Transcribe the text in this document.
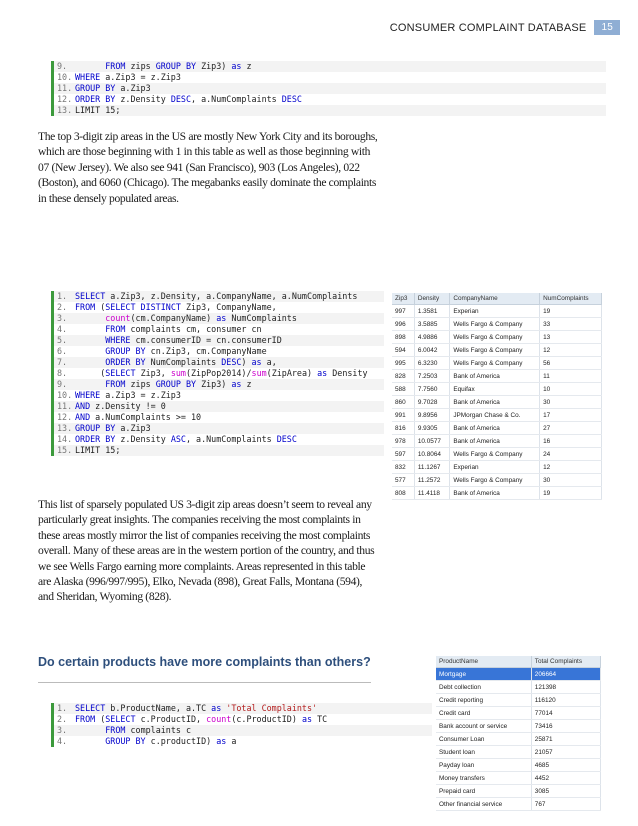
CONSUMER COMPLAINT DATABASE	15
9.	FROM zips GROUP BY Zip3) as z
10. WHERE a.Zip3 = z.Zip3
11. GROUP BY a.Zip3
12. ORDER BY z.Density DESC, a.NumComplaints DESC
13. LIMIT 15;

The top 3-digit zip areas in the US are mostly New York City and its boroughs, which are those beginning with 1 in this table as well as those beginning with 07 (New Jersey). We also see 941 (San Francisco), 903 (Los Angeles), 022 (Boston), and 6060 (Chicago). The megabanks easily dominate the complaints in these densely populated areas.

1. SELECT a.Zip3, z.Density, a.CompanyName, a.NumComplaints
2. FROM (SELECT DISTINCT Zip3, CompanyName,
3.	count(cm.CompanyName) as NumComplaints
4.	FROM complaints cm, consumer cn
5.	WHERE cm.consumerID = cn.consumerID
6.	GROUP BY cn.Zip3, cm.CompanyName
7.	ORDER BY NumComplaints DESC) as a,
8. (SELECT Zip3, sum(ZipPop2014)/sum(ZipArea) as Density
9.	FROM zips GROUP BY Zip3) as z
10. WHERE a.Zip3 = z.Zip3
11. AND z.Density != 0
12. AND a.NumComplaints >= 10
13. GROUP BY a.Zip3
14. ORDER BY z.Density ASC, a.NumComplaints DESC
15. LIMIT 15;
Zip3	Density	CompanyName	NumComplaints
997	1.3581	Experian	19
996	3.5885	Wells Fargo & Company	33
898	4.9886	Wells Fargo & Company	13
594	6.0042	Wells Fargo & Company	12
995	6.3230	Wells Fargo & Company	56
828	7.2503	Bank of America	11
588	7.7560	Equifax	10
860	9.7028	Bank of America	30
991	9.8956	JPMorgan Chase & Co.	17
816	9.9305	Bank of America	27
978	10.0577	Bank of America	16
597	10.8064	Wells Fargo & Company	24
832	11.1267	Experian	12
577	11.2572	Wells Fargo & Company	30
808	11.4118	Bank of America	19

This list of sparsely populated US 3-digit zip areas doesn’t seem to reveal any particularly great insights. The companies receiving the most complaints in these areas mostly mirror the list of companies receiving the most complaints overall. Many of these areas are in the western portion of the country, and thus we see Wells Fargo earning more complaints. Areas represented in this table are Alaska (996/997/995), Elko, Nevada (898), Great Falls, Montana (594), and Sheridan, Wyoming (828).

Do certain products have more complaints than others?
1. SELECT b.ProductName, a.TC as 'Total Complaints'
2. FROM (SELECT c.ProductID, count(c.ProductID) as TC
3.	FROM complaints c
4.	GROUP BY c.productID) as a
ProductName	Total Complaints
Mortgage	206664
Debt collection	121398
Credit reporting	116120
Credit card	77014
Bank account or service	73416
Consumer Loan	25871
Student loan	21057
Payday loan	4685
Money transfers	4452
Prepaid card	3085
Other financial service	767
